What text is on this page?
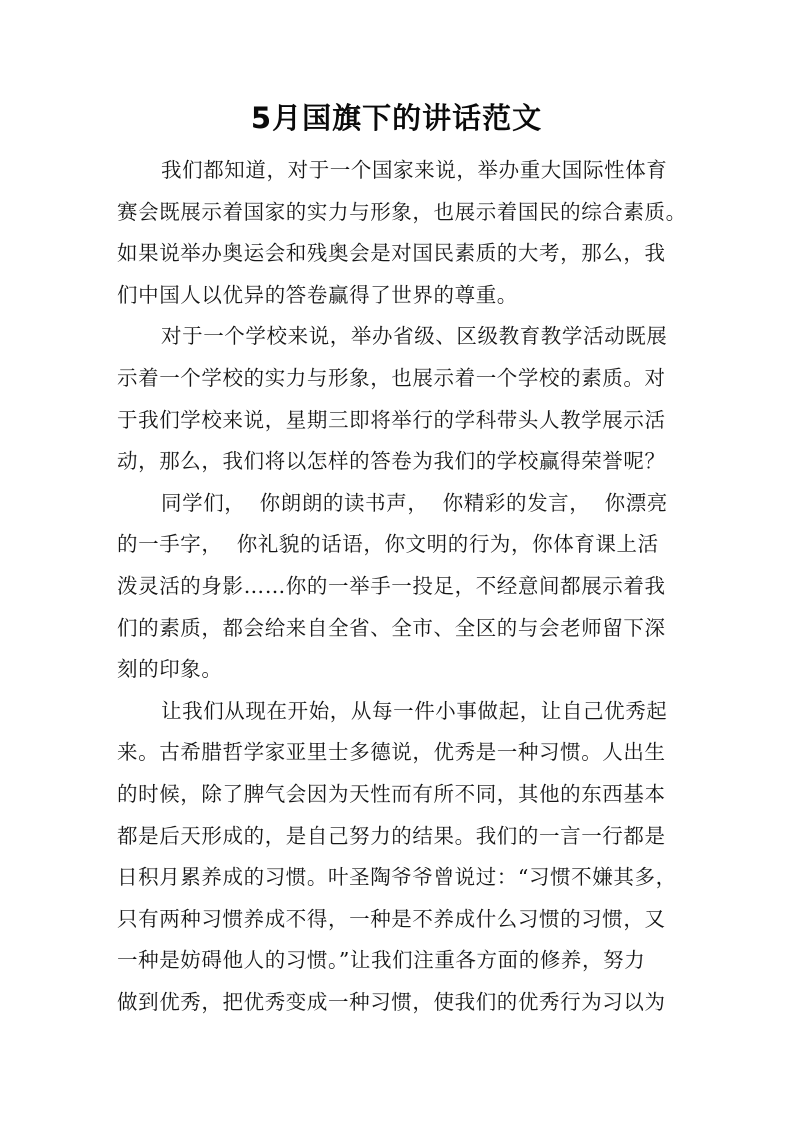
5月国旗下的讲话范文
我们都知道，对于一个国家来说，举办重大国际性体育
赛会既展示着国家的实力与形象，也展示着国民的综合素质。
如果说举办奥运会和残奥会是对国民素质的大考，那么，我
们中国人以优异的答卷赢得了世界的尊重。
对于一个学校来说，举办省级、区级教育教学活动既展
示着一个学校的实力与形象，也展示着一个学校的素质。对
于我们学校来说，星期三即将举行的学科带头人教学展示活
动，那么，我们将以怎样的答卷为我们的学校赢得荣誉呢？
同学们，  你朗朗的读书声，  你精彩的发言，  你漂亮
的一手字，  你礼貌的话语，你文明的行为，你体育课上活
泼灵活的身影……你的一举手一投足，不经意间都展示着我
们的素质，都会给来自全省、全市、全区的与会老师留下深
刻的印象。
让我们从现在开始，从每一件小事做起，让自己优秀起
来。古希腊哲学家亚里士多德说，优秀是一种习惯。人出生
的时候，除了脾气会因为天性而有所不同，其他的东西基本
都是后天形成的，是自己努力的结果。我们的一言一行都是
日积月累养成的习惯。叶圣陶爷爷曾说过：“习惯不嫌其多，
只有两种习惯养成不得，一种是不养成什么习惯的习惯，又
一种是妨碍他人的习惯。”让我们注重各方面的修养，努力
做到优秀，把优秀变成一种习惯，使我们的优秀行为习以为
